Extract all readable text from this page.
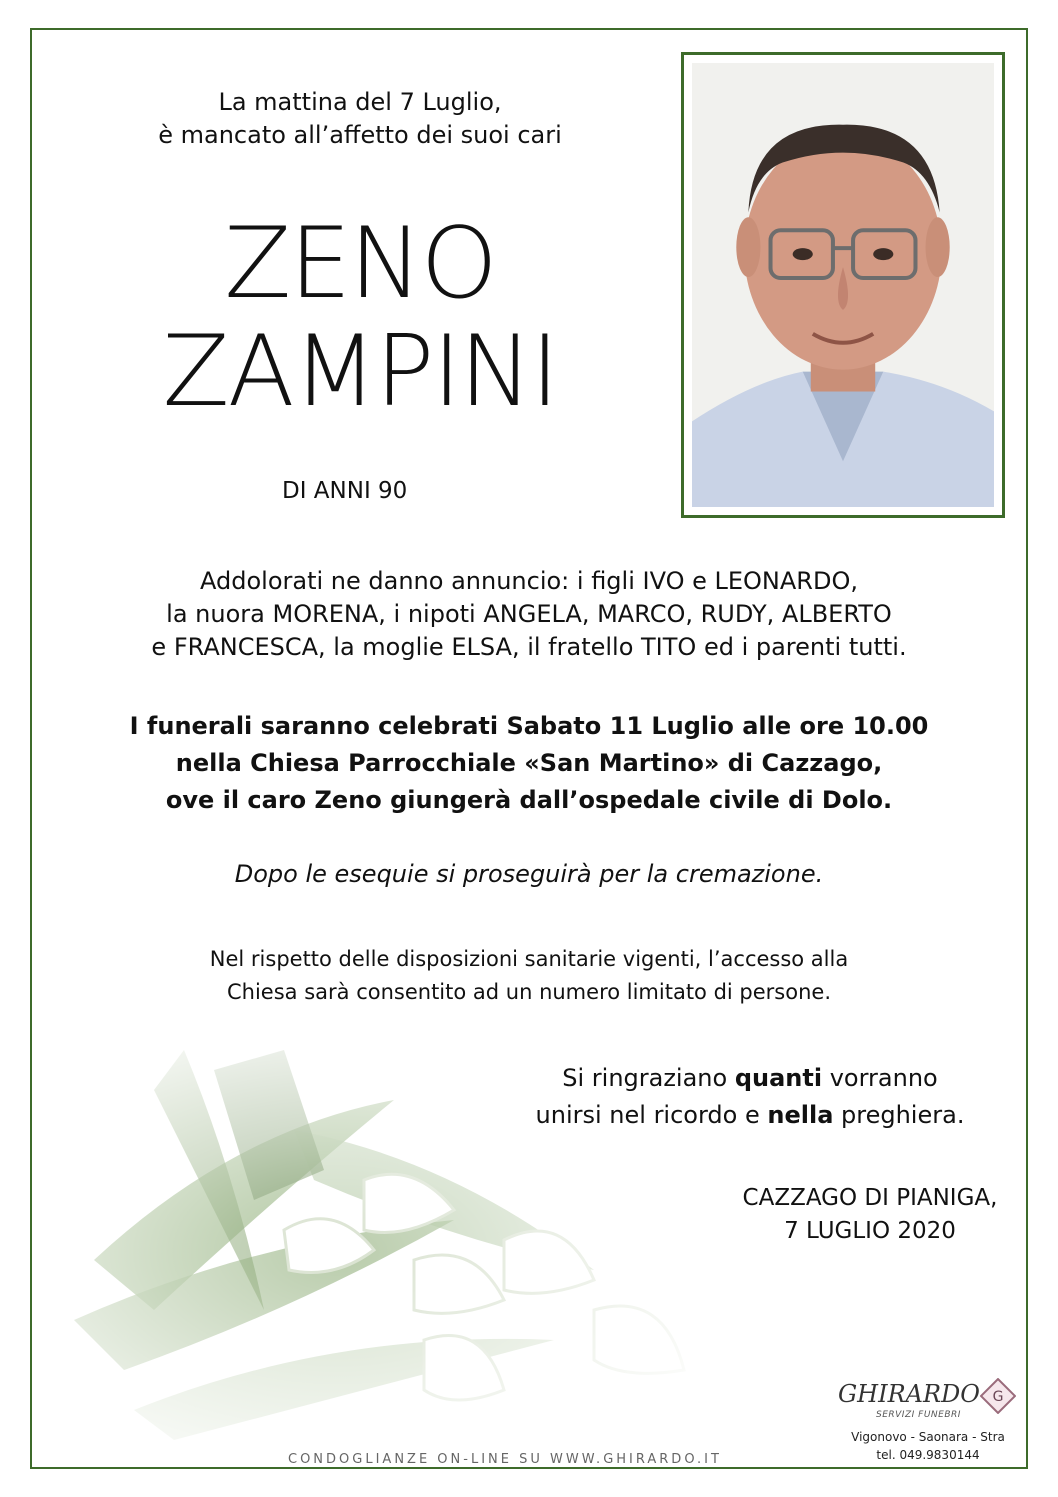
La mattina del 7 Luglio,
è mancato all’affetto dei suoi cari
ZENO
ZAMPINI
DI ANNI 90
Addolorati ne danno annuncio: i figli IVO e LEONARDO,
la nuora MORENA, i nipoti ANGELA, MARCO, RUDY, ALBERTO
e FRANCESCA, la moglie ELSA, il fratello TITO ed i parenti tutti.
I funerali saranno celebrati Sabato 11 Luglio alle ore 10.00
nella Chiesa Parrocchiale «San Martino» di Cazzago,
ove il caro Zeno giungerà dall’ospedale civile di Dolo.
Dopo le esequie si proseguirà per la cremazione.
Nel rispetto delle disposizioni sanitarie vigenti, l’accesso alla
Chiesa sarà consentito ad un numero limitato di persone.
Si ringraziano quanti vorranno
unirsi nel ricordo e nella preghiera.
CAZZAGO DI PIANIGA,
7 LUGLIO 2020
GHIRARDO
SERVIZI FUNEBRI
G
Vigonovo - Saonara - Stra
tel. 049.9830144
CONDOGLIANZE ON-LINE SU WWW.GHIRARDO.IT
